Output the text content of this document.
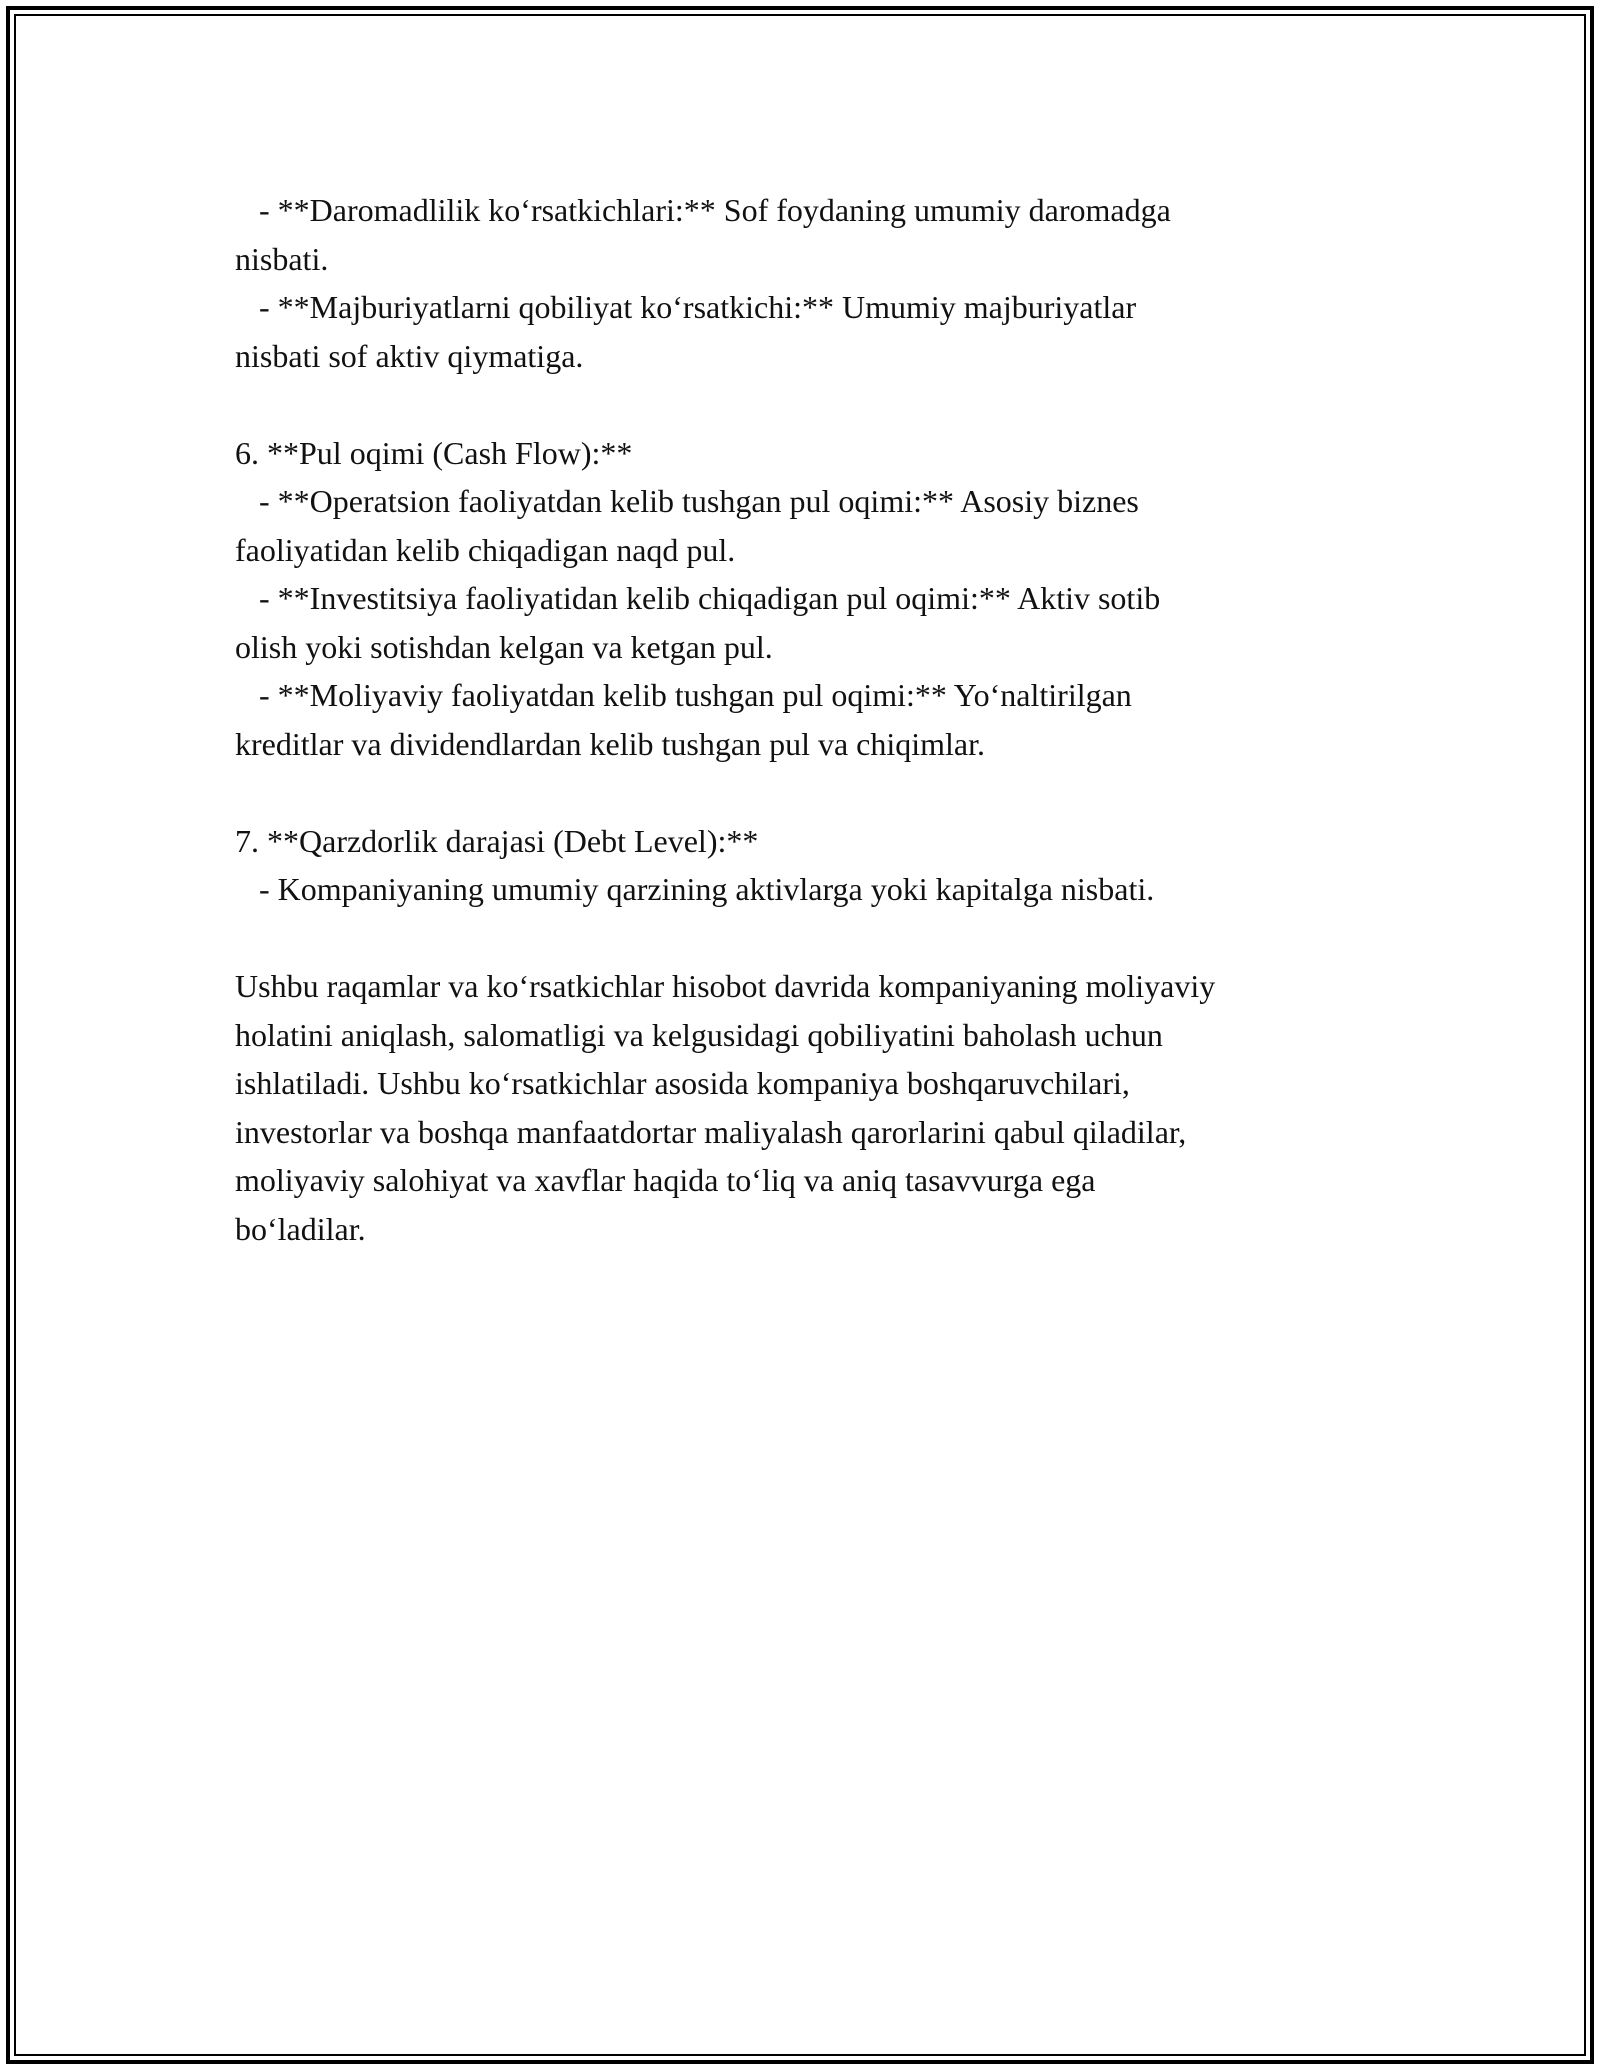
- **Daromadlilik ko‘rsatkichlari:** Sof foydaning umumiy daromadga
nisbati.
- **Majburiyatlarni qobiliyat ko‘rsatkichi:** Umumiy majburiyatlar
nisbati sof aktiv qiymatiga.
6. **Pul oqimi (Cash Flow):**
- **Operatsion faoliyatdan kelib tushgan pul oqimi:** Asosiy biznes
faoliyatidan kelib chiqadigan naqd pul.
- **Investitsiya faoliyatidan kelib chiqadigan pul oqimi:** Aktiv sotib
olish yoki sotishdan kelgan va ketgan pul.
- **Moliyaviy faoliyatdan kelib tushgan pul oqimi:** Yo‘naltirilgan
kreditlar va dividendlardan kelib tushgan pul va chiqimlar.
7. **Qarzdorlik darajasi (Debt Level):**
- Kompaniyaning umumiy qarzining aktivlarga yoki kapitalga nisbati.
Ushbu raqamlar va ko‘rsatkichlar hisobot davrida kompaniyaning moliyaviy
holatini aniqlash, salomatligi va kelgusidagi qobiliyatini baholash uchun
ishlatiladi. Ushbu ko‘rsatkichlar asosida kompaniya boshqaruvchilari,
investorlar va boshqa manfaatdortar maliyalash qarorlarini qabul qiladilar,
moliyaviy salohiyat va xavflar haqida to‘liq va aniq tasavvurga ega
bo‘ladilar.
